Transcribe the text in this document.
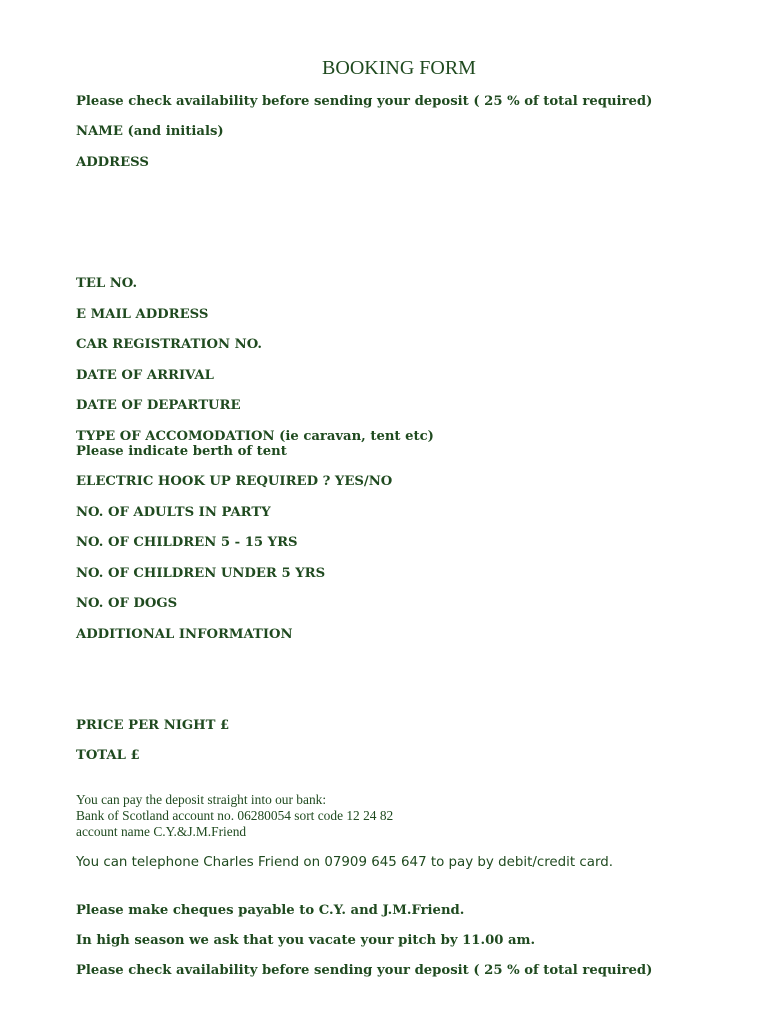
BOOKING FORM
Please check availability before sending your deposit ( 25 % of total required)
NAME (and initials)
ADDRESS
TEL NO.
E MAIL ADDRESS
CAR REGISTRATION NO.
DATE OF ARRIVAL
DATE OF DEPARTURE
TYPE OF ACCOMODATION (ie caravan, tent etc)
Please indicate berth of tent
ELECTRIC HOOK UP REQUIRED ? YES/NO
NO. OF ADULTS IN PARTY
NO. OF CHILDREN 5 - 15 YRS
NO. OF CHILDREN UNDER 5 YRS
NO. OF DOGS
ADDITIONAL INFORMATION
PRICE PER NIGHT £
TOTAL £
You can pay the deposit straight into our bank:
Bank of Scotland account no. 06280054 sort code 12 24 82
account name C.Y.&J.M.Friend
You can telephone Charles Friend on 07909 645 647 to pay by debit/credit card.
Please make cheques payable to C.Y. and J.M.Friend.
In high season we ask that you vacate your pitch by 11.00 am.
Please check availability before sending your deposit ( 25 % of total required)
